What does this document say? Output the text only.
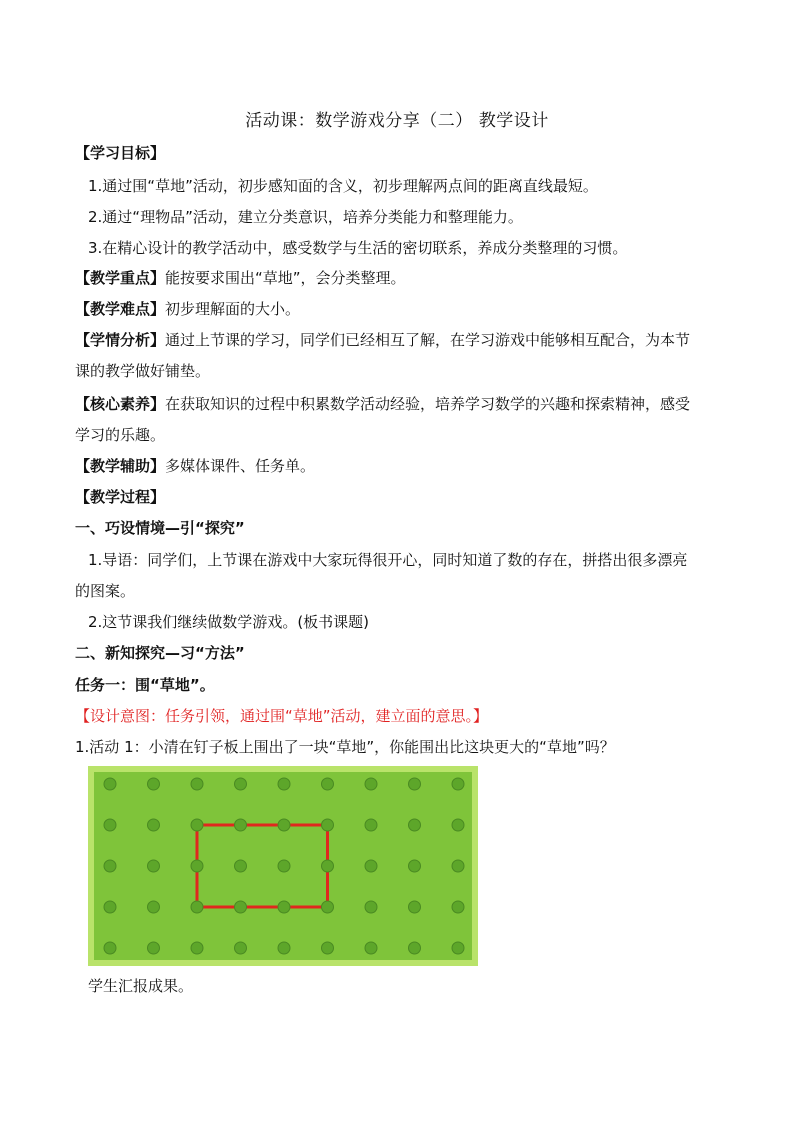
活动课：数学游戏分享（二） 教学设计
【学习目标】
1.通过围“草地”活动，初步感知面的含义，初步理解两点间的距离直线最短。
2.通过“理物品”活动，建立分类意识，培养分类能力和整理能力。
3.在精心设计的教学活动中，感受数学与生活的密切联系，养成分类整理的习惯。
【教学重点】能按要求围出“草地”，会分类整理。
【教学难点】初步理解面的大小。
【学情分析】通过上节课的学习，同学们已经相互了解，在学习游戏中能够相互配合，为本节
课的教学做好铺垫。
【核心素养】在获取知识的过程中积累数学活动经验，培养学习数学的兴趣和探索精神，感受
学习的乐趣。
【教学辅助】多媒体课件、任务单。
【教学过程】
一、巧设情境—引“探究”
1.导语：同学们，上节课在游戏中大家玩得很开心，同时知道了数的存在，拼搭出很多漂亮
的图案。
2.这节课我们继续做数学游戏。(板书课题)
二、新知探究—习“方法”
任务一：围“草地”。
【设计意图：任务引领，通过围“草地”活动，建立面的意思。】
1.活动 1：小清在钉子板上围出了一块“草地”，你能围出比这块更大的“草地”吗？
学生汇报成果。
